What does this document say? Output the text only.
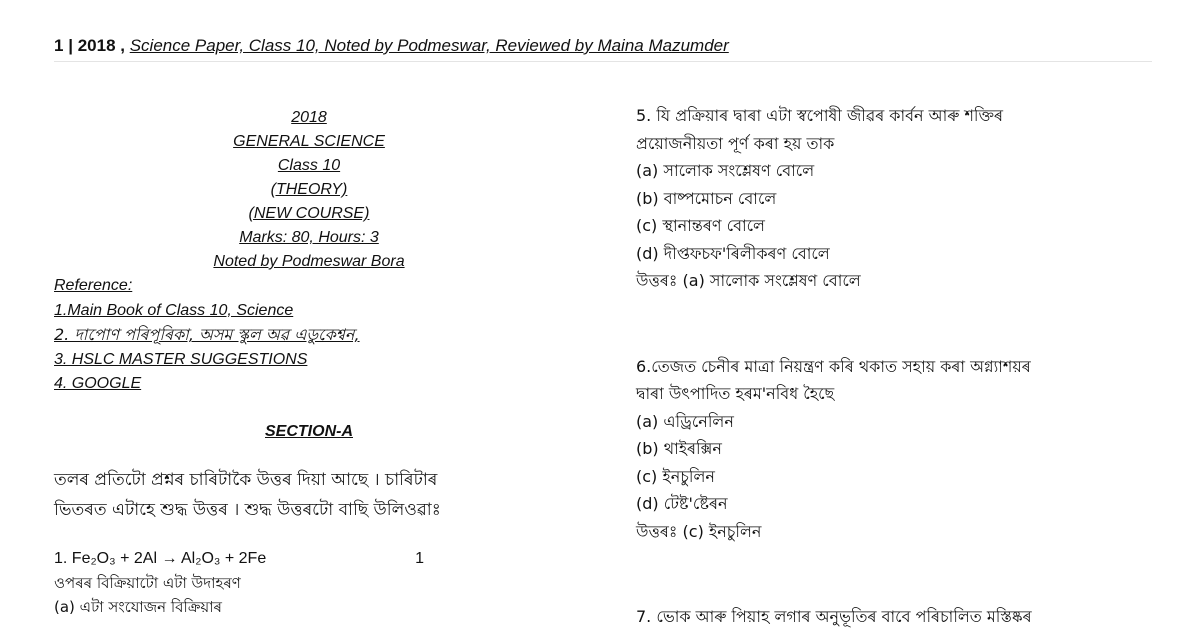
1 | 2018 , Science Paper, Class 10, Noted by Podmeswar, Reviewed by Maina Mazumder
2018
GENERAL SCIENCE
Class 10
(THEORY)
(NEW COURSE)
Marks: 80, Hours: 3
Noted by Podmeswar Bora
Reference:
1.Main Book of Class 10, Science
2. দাপোণ পৰিপূৰিকা, অসম স্কুল অৱ এডুকেশ্বন,
3. HSLC MASTER SUGGESTIONS
4. GOOGLE
SECTION-A
তলৰ প্ৰতিটো প্ৰশ্নৰ চাৰিটাকৈ উত্তৰ দিয়া আছে । চাৰিটাৰ
ভিতৰত এটাহে শুদ্ধ উত্তৰ । শুদ্ধ উত্তৰটো বাছি উলিওৱাঃ
1. Fe₂O₃ + 2Al → Al₂O₃ + 2Fe	1
ওপৰৰ বিক্ৰিয়াটো এটা উদাহৰণ
(a) এটা সংযোজন বিক্ৰিয়াৰ
5. যি প্ৰক্ৰিয়াৰ দ্বাৰা এটা স্বপোষী জীৱৰ কাৰ্বন আৰু শক্তিৰ
প্ৰয়োজনীয়তা পূৰ্ণ কৰা হয় তাক
(a) সালোক সংশ্লেষণ বোলে
(b) বাষ্পমোচন বোলে
(c) স্থানান্তৰণ বোলে
(d) দীপ্তফচফ'ৰিলীকৰণ বোলে
উত্তৰঃ (a) সালোক সংশ্লেষণ বোলে
6.তেজত চেনীৰ মাত্ৰা নিয়ন্ত্ৰণ কৰি থকাত সহায় কৰা অগ্ন্যাশয়ৰ
দ্বাৰা উৎপাদিত হৰম'নবিধ হৈছে
(a) এড্ৰিনেলিন
(b) থাইৰক্সিন
(c) ইনচুলিন
(d) টেষ্ট'ষ্টেৰন
উত্তৰঃ (c) ইনচুলিন
7. ভোক আৰু পিয়াহ লগাৰ অনুভূতিৰ বাবে পৰিচালিত মস্তিষ্কৰ
